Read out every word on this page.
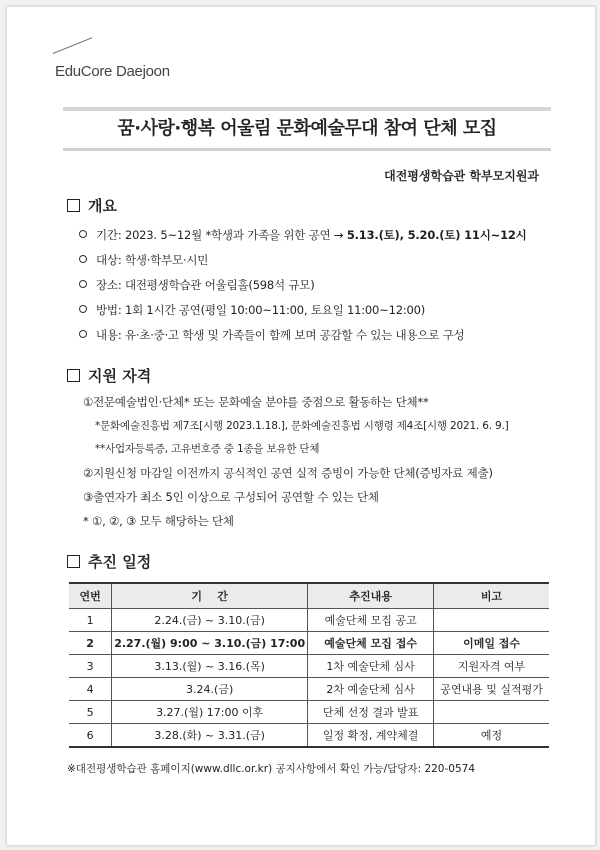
EduCore Daejoon
꿈·사랑·행복 어울림 문화예술무대 참여 단체 모집
대전평생학습관 학부모지원과
개요
기간: 2023. 5~12월 *학생과 가족을 위한 공연 → 5.13.(토), 5.20.(토) 11시~12시
대상: 학생·학부모·시민
장소: 대전평생학습관 어울림홀(598석 규모)
방법: 1회 1시간 공연(평일 10:00~11:00, 토요일 11:00~12:00)
내용: 유·초·중·고 학생 및 가족들이 함께 보며 공감할 수 있는 내용으로 구성
지원 자격
①전문예술법인·단체* 또는 문화예술 분야를 중점으로 활동하는 단체**
*문화예술진흥법 제7조[시행 2023.1.18.], 문화예술진흥법 시행령 제4조[시행 2021. 6. 9.]
**사업자등록증, 고유번호증 중 1종을 보유한 단체
②지원신청 마감일 이전까지 공식적인 공연 실적 증빙이 가능한 단체(증빙자료 제출)
③출연자가 최소 5인 이상으로 구성되어 공연할 수 있는 단체
* ①, ②, ③ 모두 해당하는 단체
추진 일정
연번	기    간	추진내용	비고
1	2.24.(금) ~ 3.10.(금)	예술단체 모집 공고	
2	2.27.(월) 9:00 ~ 3.10.(금) 17:00	예술단체 모집 접수	이메일 접수
3	3.13.(월) ~ 3.16.(목)	1차 예술단체 심사	지원자격 여부
4	3.24.(금)	2차 예술단체 심사	공연내용 및 실적평가
5	3.27.(월) 17:00 이후	단체 선정 결과 발표	
6	3.28.(화) ~ 3.31.(금)	일정 확정, 계약체결	예정
※대전평생학습관 홈페이지(www.dllc.or.kr) 공지사항에서 확인 가능/담당자: 220-0574
